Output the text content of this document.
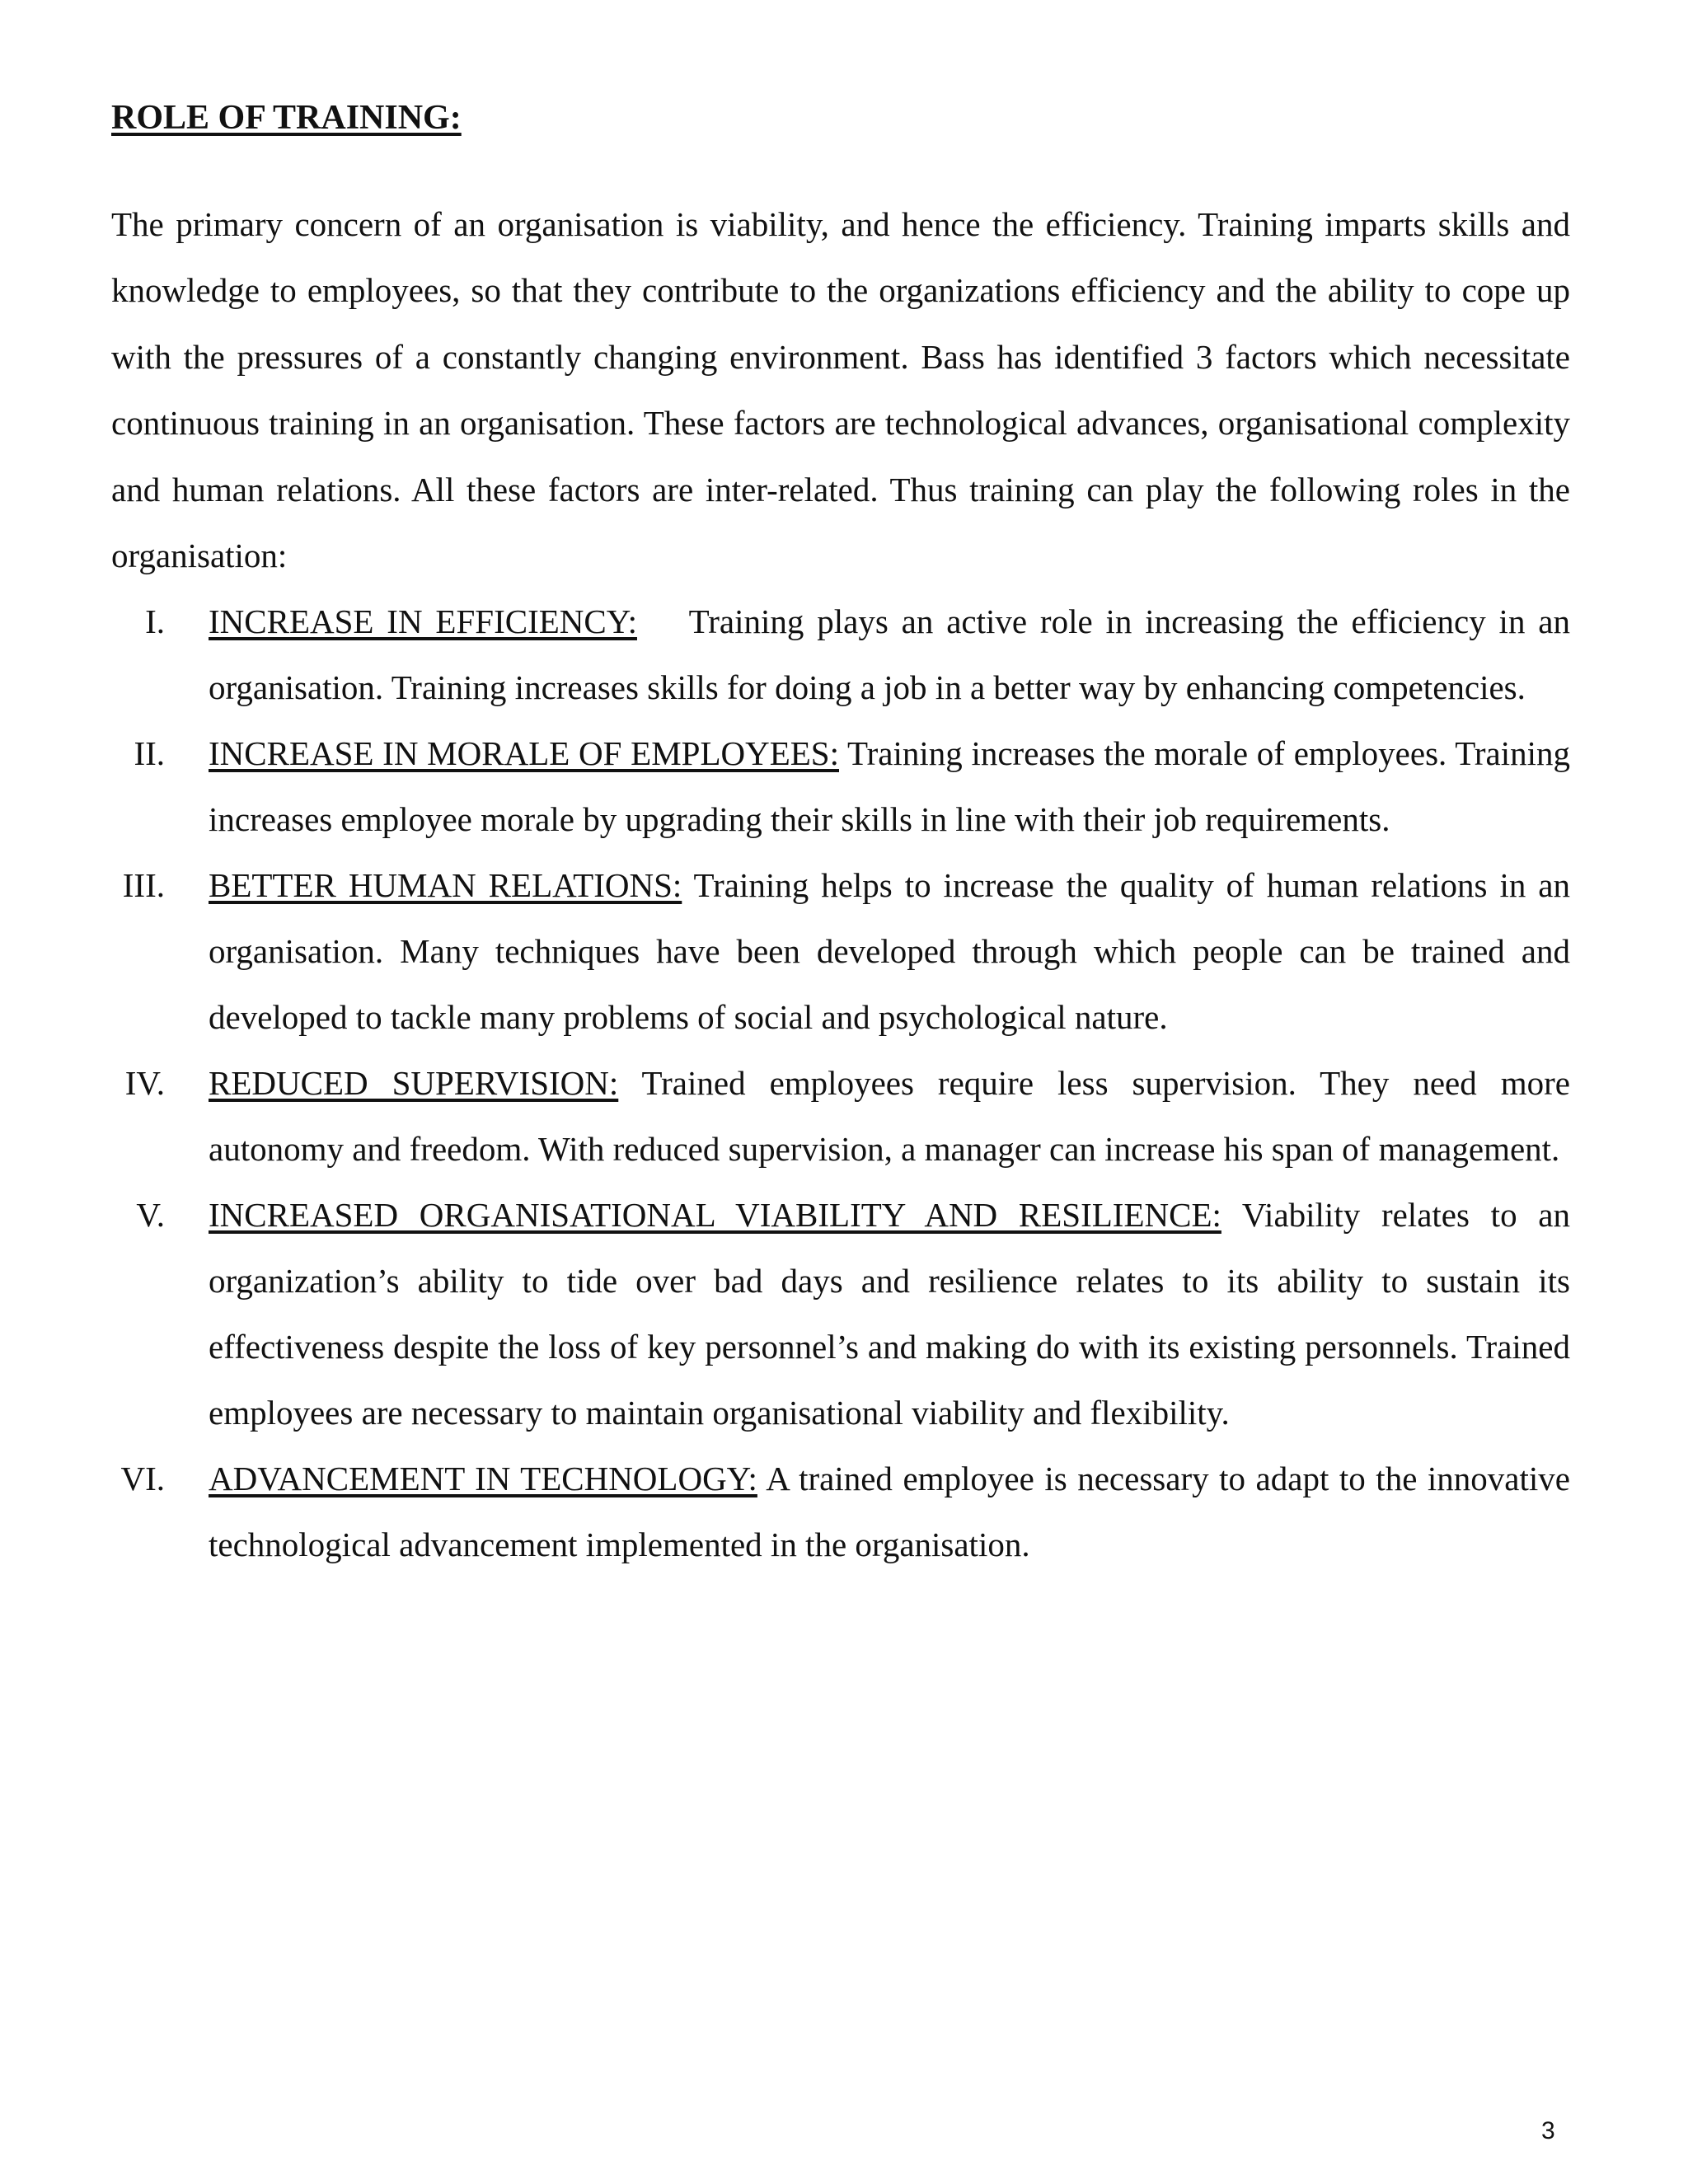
ROLE OF TRAINING:

The primary concern of an organisation is viability, and hence the efficiency. Training imparts skills and knowledge to employees, so that they contribute to the organizations efficiency and the ability to cope up with the pressures of a constantly changing environment. Bass has identified 3 factors which necessitate continuous training in an organisation. These factors are technological advances, organisational complexity and human relations. All these factors are inter-related. Thus training can play the following roles in the organisation:

I. INCREASE IN EFFICIENCY: Training plays an active role in increasing the efficiency in an organisation. Training increases skills for doing a job in a better way by enhancing competencies.
II. INCREASE IN MORALE OF EMPLOYEES: Training increases the morale of employees. Training increases employee morale by upgrading their skills in line with their job requirements.
III. BETTER HUMAN RELATIONS: Training helps to increase the quality of human relations in an organisation. Many techniques have been developed through which people can be trained and developed to tackle many problems of social and psychological nature.
IV. REDUCED SUPERVISION: Trained employees require less supervision. They need more autonomy and freedom. With reduced supervision, a manager can increase his span of management.
V. INCREASED ORGANISATIONAL VIABILITY AND RESILIENCE: Viability relates to an organization’s ability to tide over bad days and resilience relates to its ability to sustain its effectiveness despite the loss of key personnel’s and making do with its existing personnels. Trained employees are necessary to maintain organisational viability and flexibility.
VI. ADVANCEMENT IN TECHNOLOGY: A trained employee is necessary to adapt to the innovative technological advancement implemented in the organisation.
3
